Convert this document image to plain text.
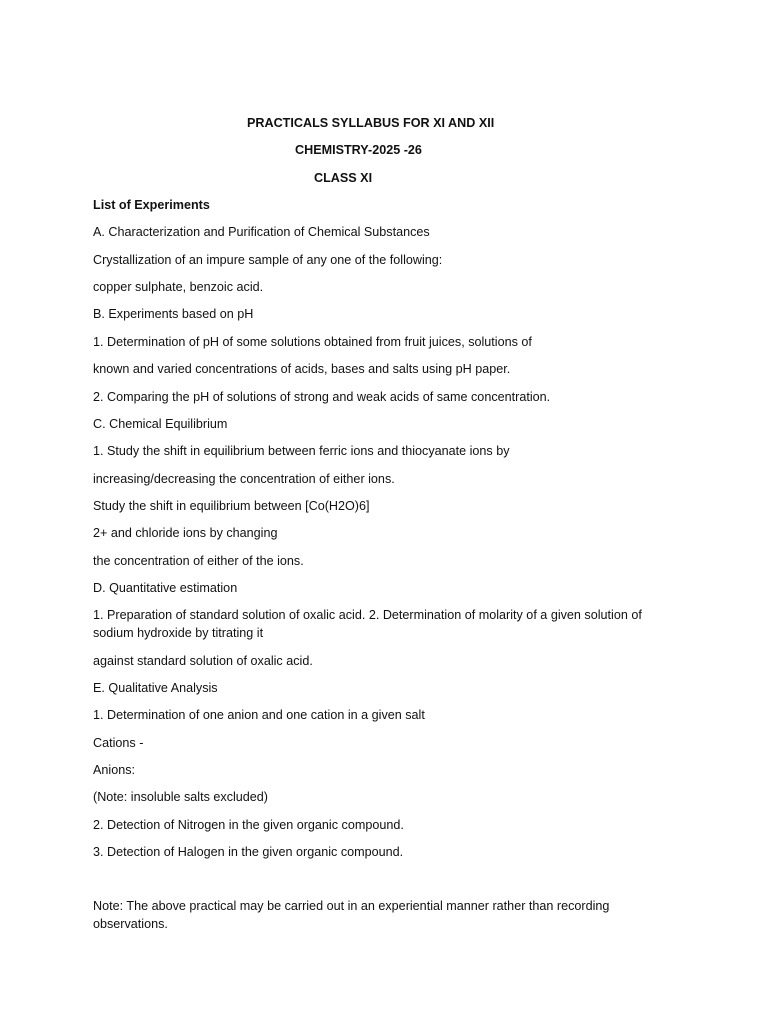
PRACTICALS SYLLABUS FOR XI AND XII
CHEMISTRY-2025 -26
CLASS XI
List of Experiments
A. Characterization and Purification of Chemical Substances
Crystallization of an impure sample of any one of the following:
copper sulphate, benzoic acid.
B. Experiments based on pH
1. Determination of pH of some solutions obtained from fruit juices, solutions of
known and varied concentrations of acids, bases and salts using pH paper.
2. Comparing the pH of solutions of strong and weak acids of same concentration.
C. Chemical Equilibrium
1. Study the shift in equilibrium between ferric ions and thiocyanate ions by
increasing/decreasing the concentration of either ions.
Study the shift in equilibrium between [Co(H2O)6]
2+ and chloride ions by changing
the concentration of either of the ions.
D. Quantitative estimation
1. Preparation of standard solution of oxalic acid. 2. Determination of molarity of a given solution of sodium hydroxide by titrating it
against standard solution of oxalic acid.
E. Qualitative Analysis
1. Determination of one anion and one cation in a given salt
Cations -
Anions:
(Note: insoluble salts excluded)
2. Detection of Nitrogen in the given organic compound.
3. Detection of Halogen in the given organic compound.
Note: The above practical may be carried out in an experiential manner rather than recording observations.
